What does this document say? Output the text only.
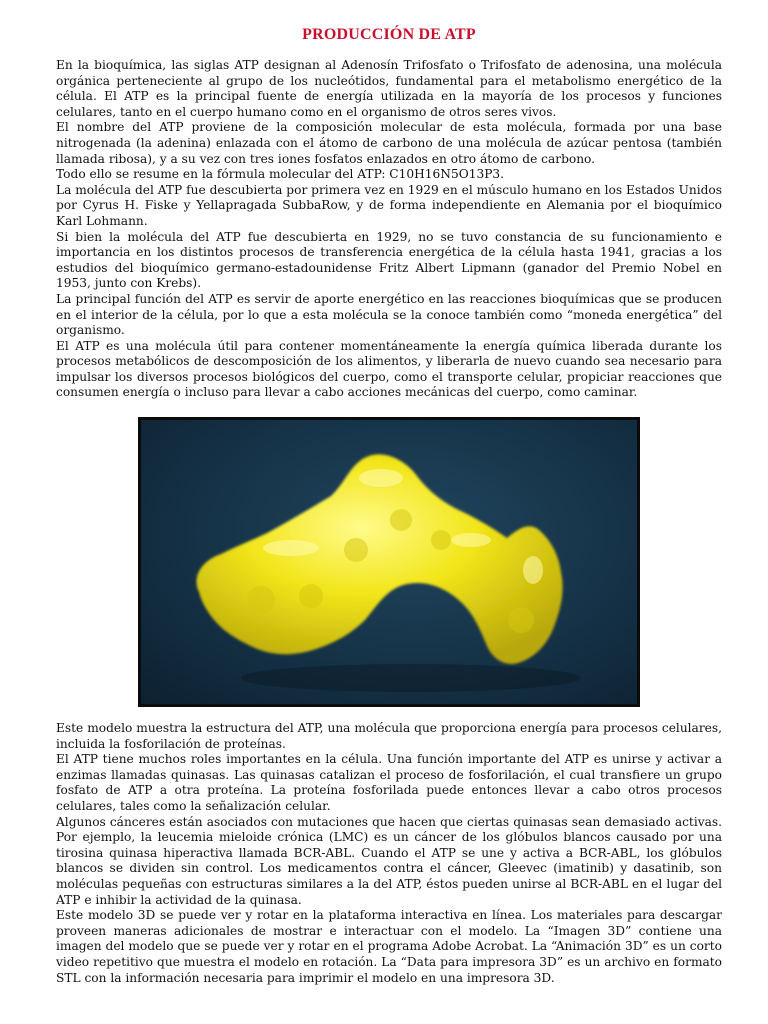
PRODUCCIÓN DE ATP

En la bioquímica, las siglas ATP designan al Adenosín Trifosfato o Trifosfato de adenosina, una molécula orgánica perteneciente al grupo de los nucleótidos, fundamental para el metabolismo energético de la célula. El ATP es la principal fuente de energía utilizada en la mayoría de los procesos y funciones celulares, tanto en el cuerpo humano como en el organismo de otros seres vivos.

El nombre del ATP proviene de la composición molecular de esta molécula, formada por una base nitrogenada (la adenina) enlazada con el átomo de carbono de una molécula de azúcar pentosa (también llamada ribosa), y a su vez con tres iones fosfatos enlazados en otro átomo de carbono.

Todo ello se resume en la fórmula molecular del ATP: C10H16N5O13P3.

La molécula del ATP fue descubierta por primera vez en 1929 en el músculo humano en los Estados Unidos por Cyrus H. Fiske y Yellapragada SubbaRow, y de forma independiente en Alemania por el bioquímico Karl Lohmann.

Si bien la molécula del ATP fue descubierta en 1929, no se tuvo constancia de su funcionamiento e importancia en los distintos procesos de transferencia energética de la célula hasta 1941, gracias a los estudios del bioquímico germano-estadounidense Fritz Albert Lipmann (ganador del Premio Nobel en 1953, junto con Krebs).

La principal función del ATP es servir de aporte energético en las reacciones bioquímicas que se producen en el interior de la célula, por lo que a esta molécula se la conoce también como “moneda energética” del organismo.

El ATP es una molécula útil para contener momentáneamente la energía química liberada durante los procesos metabólicos de descomposición de los alimentos, y liberarla de nuevo cuando sea necesario para impulsar los diversos procesos biológicos del cuerpo, como el transporte celular, propiciar reacciones que consumen energía o incluso para llevar a cabo acciones mecánicas del cuerpo, como caminar.

Este modelo muestra la estructura del ATP, una molécula que proporciona energía para procesos celulares, incluida la fosforilación de proteínas.

El ATP tiene muchos roles importantes en la célula. Una función importante del ATP es unirse y activar a enzimas llamadas quinasas. Las quinasas catalizan el proceso de fosforilación, el cual transfiere un grupo fosfato de ATP a otra proteína. La proteína fosforilada puede entonces llevar a cabo otros procesos celulares, tales como la señalización celular.

Algunos cánceres están asociados con mutaciones que hacen que ciertas quinasas sean demasiado activas. Por ejemplo, la leucemia mieloide crónica (LMC) es un cáncer de los glóbulos blancos causado por una tirosina quinasa hiperactiva llamada BCR-ABL. Cuando el ATP se une y activa a BCR-ABL, los glóbulos blancos se dividen sin control. Los medicamentos contra el cáncer, Gleevec (imatinib) y dasatinib, son moléculas pequeñas con estructuras similares a la del ATP, éstos pueden unirse al BCR-ABL en el lugar del ATP e inhibir la actividad de la quinasa.

Este modelo 3D se puede ver y rotar en la plataforma interactiva en línea. Los materiales para descargar proveen maneras adicionales de mostrar e interactuar con el modelo. La “Imagen 3D” contiene una imagen del modelo que se puede ver y rotar en el programa Adobe Acrobat. La “Animación 3D” es un corto video repetitivo que muestra el modelo en rotación. La “Data para impresora 3D” es un archivo en formato STL con la información necesaria para imprimir el modelo en una impresora 3D.
